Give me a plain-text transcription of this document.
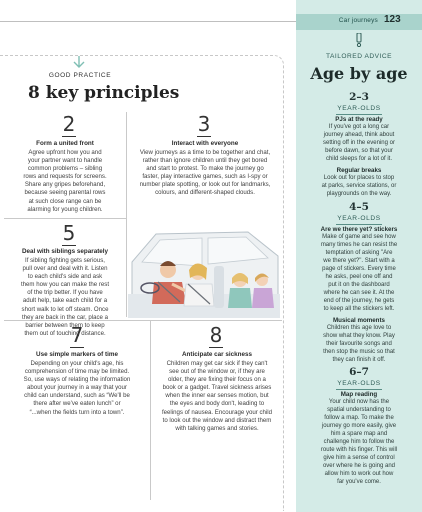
Car journeys 123
GOOD PRACTICE
8 key principles
2
Form a united front
Agree upfront how you and
your partner want to handle
common problems – sibling
rows and requests for screens.
Share any gripes beforehand,
because seeing parental rows
at such close range can be
alarming for young children.
3
Interact with everyone
View journeys as a time to be together and chat,
rather than ignore children until they get bored
and start to protest. To make the journey go
faster, play interactive games, such as I-spy or
number plate spotting, or look out for landmarks,
colours, and different-shaped clouds.
5
Deal with siblings separately
If sibling fighting gets serious,
pull over and deal with it. Listen
to each child's side and ask
them how you can make the rest
of the trip better. If you have
adult help, take each child for a
short walk to let off steam. Once
they are back in the car, place a
barrier between them to keep
them out of touching distance.
7
Use simple markers of time
Depending on your child's age, his
comprehension of time may be limited.
So, use ways of relating the information
about your journey in a way that your
child can understand, such as “We'll be
there after we've eaten lunch” or
“...when the fields turn into a town”.
8
Anticipate car sickness
Children may get car sick if they can't
see out of the window or, if they are
older, they are fixing their focus on a
book or a gadget. Travel sickness arises
when the inner ear senses motion, but
the eyes and body don't, leading to
feelings of nausea. Encourage your child
to look out the window and distract them
with talking games and stories.
TAILORED ADVICE
Age by age
2–3
YEAR-OLDS
PJs at the ready
If you've got a long car
journey ahead, think about
setting off in the evening or
before dawn, so that your
child sleeps for a lot of it.
Regular breaks
Look out for places to stop
at parks, service stations, or
playgrounds on the way.
4–5
YEAR-OLDS
Are we there yet? stickers
Make of game and see how
many times he can resist the
temptation of asking "Are
we there yet?". Start with a
page of stickers. Every time
he asks, peel one off and
put it on the dashboard
where he can see it. At the
end of the journey, he gets
to keep all the stickers left.
Musical moments
Children this age love to
show what they know. Play
their favourite songs and
then stop the music so that
they can finish it off.
6–7
YEAR-OLDS
Map reading
Your child now has the
spatial understanding to
follow a map. To make the
journey go more easily, give
him a spare map and
challenge him to follow the
route with his finger. This will
give him a sense of control
over where he is going and
allow him to work out how
far you've come.
